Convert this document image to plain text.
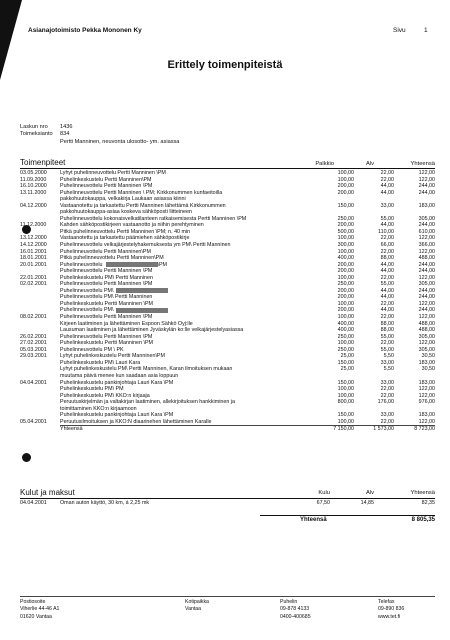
Asianajotoimisto Pekka Mononen Ky	Sivu	1
Erittely toimenpiteistä
Laskun nro 1436
Toimeksianto 834
Pertti Manninen, neuvonta ulosotto- ym. asiassa
Toimenpiteet	Palkkio	Alv	Yhteensä
03.05.2000 Lyhyt puhelinneuvottelu Pertti Manninen \PM	100,00	22,00	122,00
11.09.2000	Puhelinkeskustelu Pertti Manninen\PM	100,00	22,00	122,00
16.10.2000 Puhelinneuvottelu Pertti Manninen \PM	200,00	44,00	244,00
13.11.2000	Puhelinneuvottelu Pertti Manninen \ PM; Kirkkonummen kunfaeitoilla	200,00	44,00	244,00
pakkohuutokauppa, velkakirja Laukaan asiassa kiinni
04.12.2000 Vastaanotettu ja tarkastettu Pertti Manninen lähettämä Kirkkonummen	150,00	33,00	183,00
pakkohuutokauppa-asiaa koskeva sähköposti liitteineen
Puhelinneuvottelu kokonaisvelkatilanteen ratkaisemisesta Pertti Manninen \PM	250,00	55,00	305,00
11.12.2000	Kahden sähköpostikirjeen vastaanotto ja niihin perehtyminen	200,00	44,00	244,00
Pitkä puhelinneuvottelu Pertti Manninen \PM; n. 40 min	500,00	110,00	610,00
13.12.2000 Vastaanotettu ja tarkastettu päämiehen sähköpostikirje	100,00	22,00	122,00
14.12.2000 Puhelinneuvottelu velkajärjestelyhakemuksesta ym PM\ Pertti Manninen	300,00	66,00	366,00
16.01.2001 Puhelinneuvottelu Pertti Manninen\PM	100,00	22,00	122,00
18.01.2001 Pitkä puhelinneuvottelu Pertti Manninen\PM	400,00	88,00	488,00
20.01.2001 Puhelinneuvottelu	\PM	200,00	44,00	244,00
Puhelinneuvottelu Pertti Manninen \PM	200,00	44,00	244,00
22.01.2001 Puhelinkeskustelu PM\ Pertti Manninen	100,00	22,00	122,00
02.02.2001 Puhelinneuvottelu Pertti Manninen \PM	250,00	55,00	305,00
Puhelinneuvottelu PM\	200,00	44,00	244,00
Puhelinneuvottelu PM\ Pertti Manninen	200,00	44,00	244,00
Puhelinkeskustelu Pertti Manninen \PM	100,00	22,00	122,00
Puhelinneuvottelu PM\	200,00	44,00	244,00
08.02.2001 Puhelinneuvottelu Pertti Manninen \PM	100,00	22,00	122,00
Kirjeen laatiminen ja lähettäminen Espoon Sähkö Oyj:lle	400,00	88,00	488,00
Lausuman laatiminen ja lähettäminen Jyväskylän ko:lle velkajärjestelyasiassa	400,00	88,00	488,00
26.02.2001 Puhelinneuvottelu Pertti Manninen \PM	250,00	55,00	305,00
27.02.2001 Puhelinkeskustelu Pertti Manninen \PM	100,00	22,00	122,00
05.03.2001 Puhelinneuvottelu PM \ PK	250,00	55,00	305,00
29.03.2001 Lyhyt puhelinkeskustelu Pertti Manninen\PM	25,00	5,50	30,50
Puhelinkeskustelu PM\ Lauri Kara	150,00	33,00	183,00
Lyhyt puhelinkeskustelu PM\ Pertti Manninen, Karan ilmoituksen mukaan	25,00	5,50	30,50
muutama päivä menee kun saadaan asia loppuun
04.04.2001 Puhelinkeskustelu pankinjohtaja Lauri Kara \PM	150,00	33,00	183,00
Puhelinkeskustelu PM\ PM	100,00	22,00	122,00
Puhelinkeskustelu PM\ KKO:n kirjaaja	100,00	22,00	122,00
Peruutuskirjelmän ja valtakirjan laatiminen, allekirjoituksen hankkiminen ja	800,00	176,00	976,00
toimittaminen KKO:n kirjaamoon
Puhelinkeskustelu pankinjohtaja Lauri Kara \PM	150,00	33,00	183,00
05.04.2001 Peruutusilmoituksen ja KKO:N diaarinehen lähettäminen Karalle	100,00	22,00	122,00
Yhteensä	7 150,00	1 573,00	8 723,00
Kulut ja maksut	Kulu	Alv	Yhteensä
04.04.2001 Oman auton käyttö, 30 km, á 2,25 mk	67,50	14,85	82,35
Yhteensä	8 805,35
Postiosoite
Viherlie 44-46 A1
01620 Vantaa
Kotipaikka
Vantaa
Puhelin
09-878 4133
0400-400685
Telefax
09-890 836
www.tet.fi
